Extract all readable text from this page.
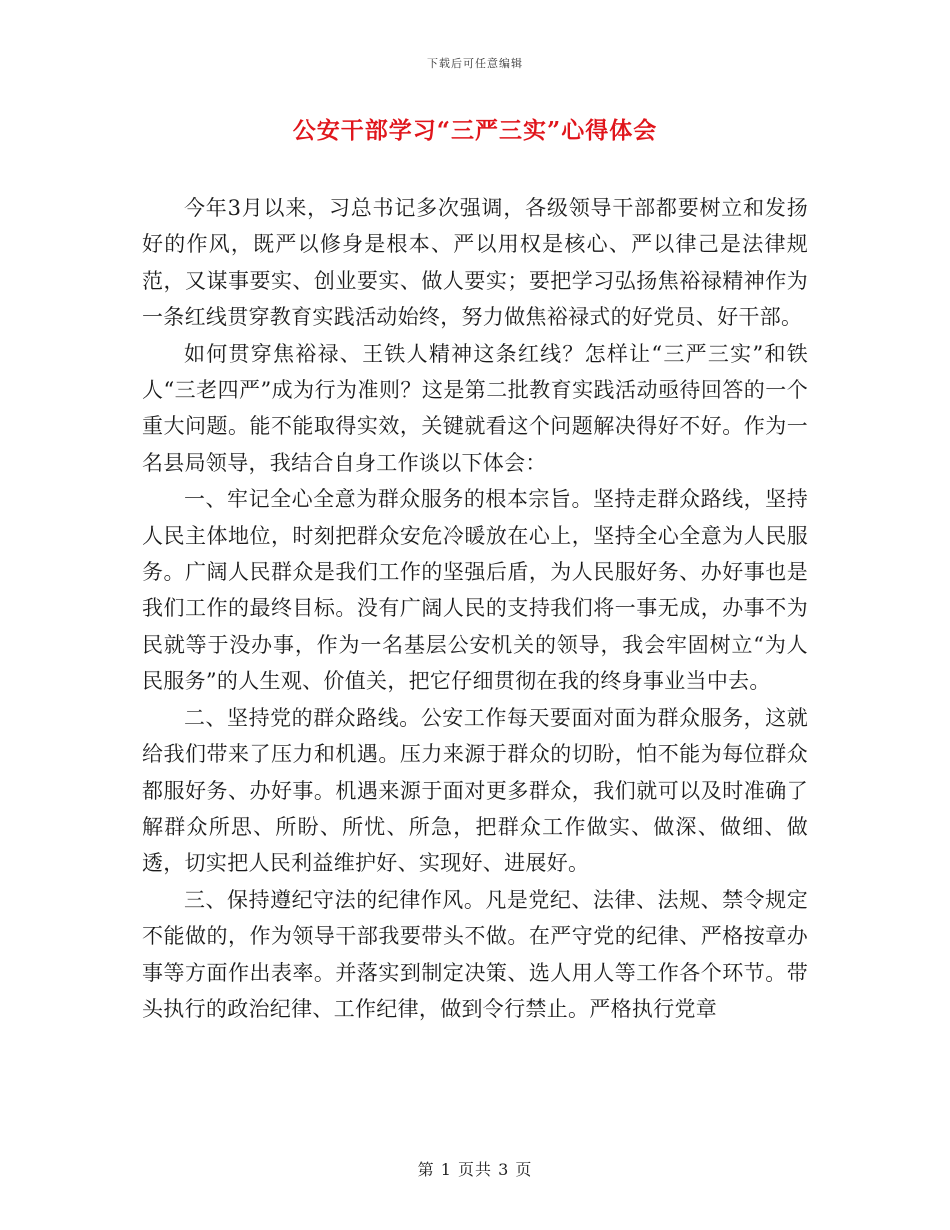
下载后可任意编辑
公安干部学习“三严三实”心得体会

今年3月以来，习总书记多次强调，各级领导干部都要树立和发扬好的作风，既严以修身是根本、严以用权是核心、严以律己是法律规范，又谋事要实、创业要实、做人要实；要把学习弘扬焦裕禄精神作为一条红线贯穿教育实践活动始终，努力做焦裕禄式的好党员、好干部。

如何贯穿焦裕禄、王铁人精神这条红线？怎样让“三严三实”和铁人“三老四严”成为行为准则？这是第二批教育实践活动亟待回答的一个重大问题。能不能取得实效，关键就看这个问题解决得好不好。作为一名县局领导，我结合自身工作谈以下体会：

一、牢记全心全意为群众服务的根本宗旨。坚持走群众路线，坚持人民主体地位，时刻把群众安危冷暖放在心上，坚持全心全意为人民服务。广阔人民群众是我们工作的坚强后盾，为人民服好务、办好事也是我们工作的最终目标。没有广阔人民的支持我们将一事无成，办事不为民就等于没办事，作为一名基层公安机关的领导，我会牢固树立“为人民服务”的人生观、价值关，把它仔细贯彻在我的终身事业当中去。

二、坚持党的群众路线。公安工作每天要面对面为群众服务，这就给我们带来了压力和机遇。压力来源于群众的切盼，怕不能为每位群众都服好务、办好事。机遇来源于面对更多群众，我们就可以及时准确了解群众所思、所盼、所忧、所急，把群众工作做实、做深、做细、做透，切实把人民利益维护好、实现好、进展好。

三、保持遵纪守法的纪律作风。凡是党纪、法律、法规、禁令规定不能做的，作为领导干部我要带头不做。在严守党的纪律、严格按章办事等方面作出表率。并落实到制定决策、选人用人等工作各个环节。带头执行的政治纪律、工作纪律，做到令行禁止。严格执行党章

第 1 页共 3 页
